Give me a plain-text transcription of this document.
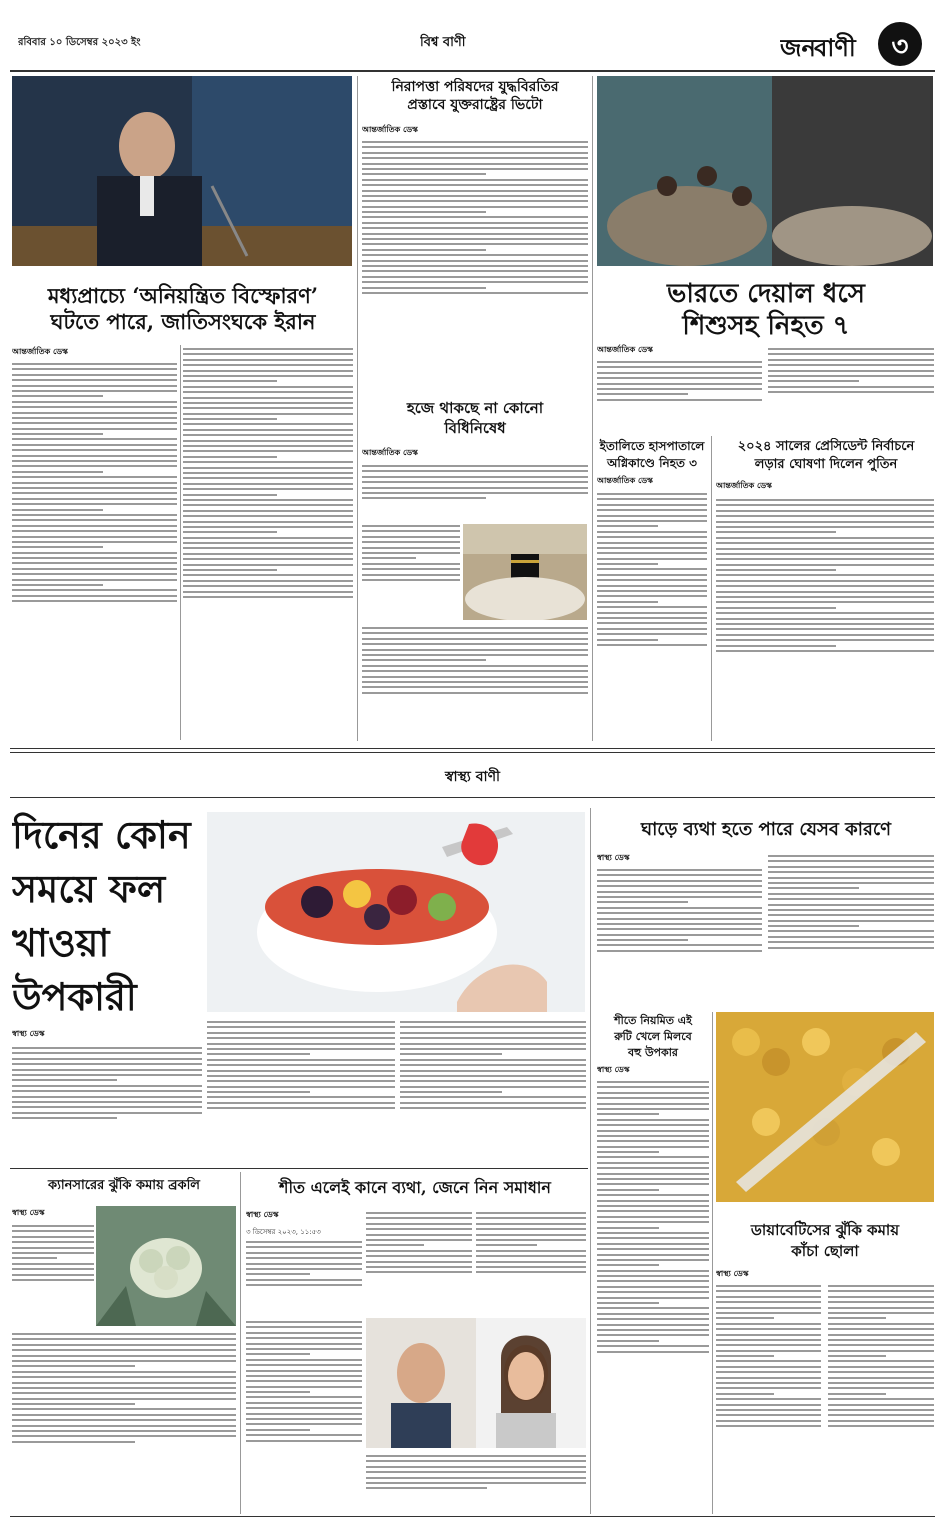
রবিবার ১০ ডিসেম্বর ২০২৩ ইং	বিশ্ব বাণী	জন
বাণী	৩
মধ্যপ্রাচ্যে ‘অনিয়ন্ত্রিত বিস্ফোরণ’
ঘটতে পারে, জাতিসংঘকে ইরান
আন্তর্জাতিক ডেস্ক
নিরাপত্তা পরিষদের যুদ্ধবিরতির
প্রস্তাবে যুক্তরাষ্ট্রের ভিটো
আন্তর্জাতিক ডেস্ক
হজে থাকছে না কোনো
বিধিনিষেধ
আন্তর্জাতিক ডেস্ক
ভারতে দেয়াল ধসে
শিশুসহ নিহত ৭
আন্তর্জাতিক ডেস্ক
ইতালিতে হাসপাতালে
অগ্নিকাণ্ডে নিহত ৩
আন্তর্জাতিক ডেস্ক
২০২৪ সালের প্রেসিডেন্ট নির্বাচনে
লড়ার ঘোষণা দিলেন পুতিন
আন্তর্জাতিক ডেস্ক
স্বাস্থ্য বাণী
দিনের কোন
সময়ে ফল
খাওয়া
উপকারী
স্বাস্থ্য ডেস্ক
ঘাড়ে ব্যথা হতে পারে যেসব কারণে
স্বাস্থ্য ডেস্ক
শীতে নিয়মিত এই
রুটি খেলে মিলবে
বহু উপকার
স্বাস্থ্য ডেস্ক
ডায়াবেটিসের ঝুঁকি কমায়
কাঁচা ছোলা
স্বাস্থ্য ডেস্ক
ক্যানসারের ঝুঁকি কমায় ব্রকলি
স্বাস্থ্য ডেস্ক
শীত এলেই কানে ব্যথা, জেনে নিন সমাধান
স্বাস্থ্য ডেস্ক
৩ ডিসেম্বর ২০২৩, ১১:৫৩
